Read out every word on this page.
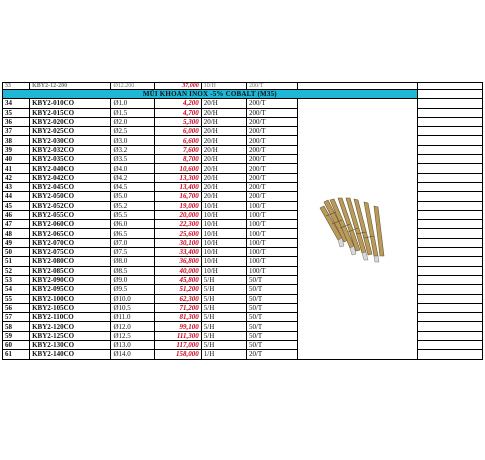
33	KBY2-12-200	Ø12.200	37,000	10/H	200/T		
MŨI KHOAN INOX -5% COBALT (M35)							
34	KBY2-010CO	Ø1.0	4,200	20/H	200/T	

35	KBY2-015CO	Ø1.5	4,700	20/H	200/T		
36	KBY2-020CO	Ø2.0	5,300	20/H	200/T		
37	KBY2-025CO	Ø2.5	6,000	20/H	200/T		
38	KBY2-030CO	Ø3.0	6,600	20/H	200/T		
39	KBY2-032CO	Ø3.2	7,600	20/H	200/T		
40	KBY2-035CO	Ø3.5	8,700	20/H	200/T		
41	KBY2-040CO	Ø4.0	10,600	20/H	200/T		
42	KBY2-042CO	Ø4.2	13,300	20/H	200/T		
43	KBY2-045CO	Ø4.5	13,400	20/H	200/T		
44	KBY2-050CO	Ø5.0	16,700	20/H	200/T		
45	KBY2-052CO	Ø5.2	19,000	10/H	100/T		
46	KBY2-055CO	Ø5.5	20,000	10/H	100/T		
47	KBY2-060CO	Ø6.0	22,300	10/H	100/T		
48	KBY2-065CO	Ø6.5	25,600	10/H	100/T		
49	KBY2-070CO	Ø7.0	30,100	10/H	100/T		
50	KBY2-075CO	Ø7.5	33,400	10/H	100/T		
51	KBY2-080CO	Ø8.0	36,800	10/H	100/T		
52	KBY2-085CO	Ø8.5	40,000	10/H	100/T		
53	KBY2-090CO	Ø9.0	45,800	5/H	50/T		
54	KBY2-095CO	Ø9.5	51,200	5/H	50/T		
55	KBY2-100CO	Ø10.0	62,300	5/H	50/T		
56	KBY2-105CO	Ø10.5	71,200	5/H	50/T		
57	KBY2-110CO	Ø11.0	81,300	5/H	50/T		
58	KBY2-120CO	Ø12.0	99,100	5/H	50/T		
59	KBY2-125CO	Ø12.5	111,300	5/H	50/T		
60	KBY2-130CO	Ø13.0	117,000	5/H	50/T		
61	KBY2-140CO	Ø14.0	158,000	1/H	20/T		
